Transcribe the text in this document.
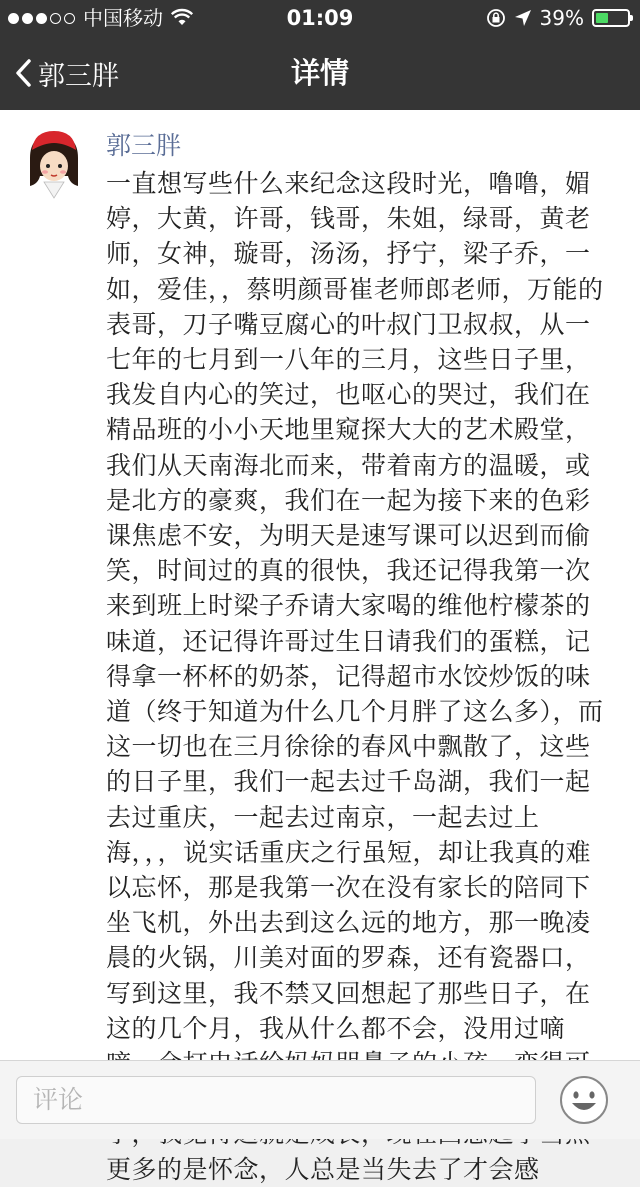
中国移动	01:09	39%
郭三胖	详情
郭三胖
一直想写些什么来纪念这段时光，噜噜，媚婷，大黄，许哥，钱哥，朱姐，绿哥，黄老师，女神，璇哥，汤汤，抒宁，梁子乔，一如，爱佳，，蔡明颜哥崔老师郎老师，万能的表哥，刀子嘴豆腐心的叶叔门卫叔叔，从一七年的七月到一八年的三月，这些日子里，我发自内心的笑过，也呕心的哭过，我们在精品班的小小天地里窥探大大的艺术殿堂，我们从天南海北而来，带着南方的温暖，或是北方的豪爽，我们在一起为接下来的色彩课焦虑不安，为明天是速写课可以迟到而偷笑，时间过的真的很快，我还记得我第一次来到班上时梁子乔请大家喝的维他柠檬茶的味道，还记得许哥过生日请我们的蛋糕，记得拿一杯杯的奶茶，记得超市水饺炒饭的味道（终于知道为什么几个月胖了这么多），而这一切也在三月徐徐的春风中飘散了，这些的日子里，我们一起去过千岛湖，我们一起去过重庆，一起去过南京，一起去过上海，，，说实话重庆之行虽短，却让我真的难以忘怀，那是我第一次在没有家长的陪同下坐飞机，外出去到这么远的地方，那一晚凌晨的火锅，川美对面的罗森，还有瓷器口，写到这里，我不禁又回想起了那些日子，在这的几个月，我从什么都不会，没用过嘀 更多的是怀念，人总是当失去了才会感
评论
